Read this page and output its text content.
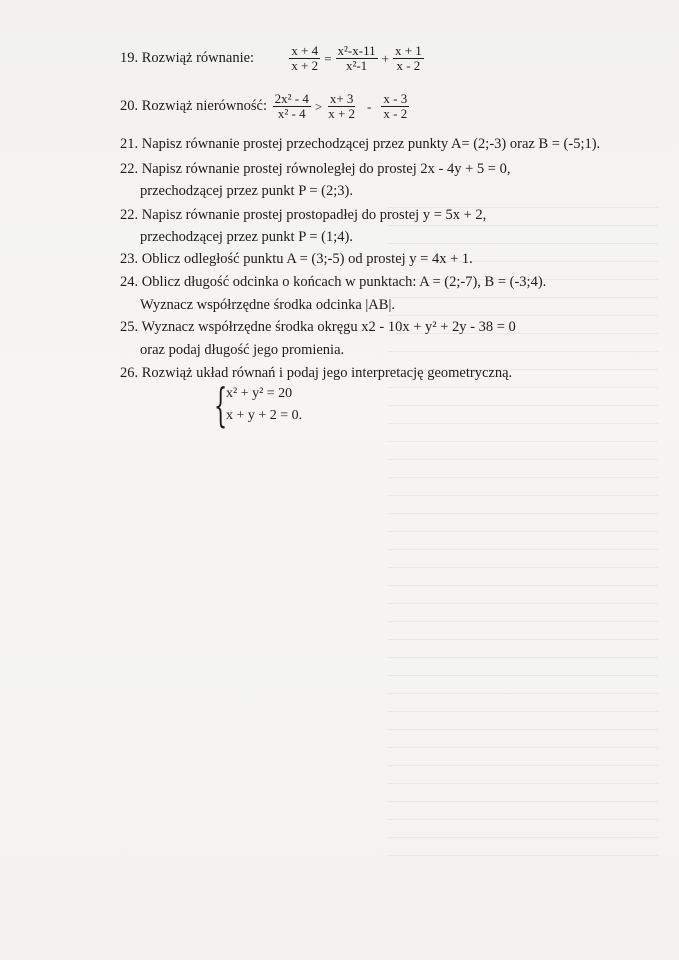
19. Rozwiąż równanie:	$\frac{x + 4}{x + 2} = \frac{\text{x²-x-11}}{\text{x²-1}} + \frac{x + 1}{x - 2}$
20. Rozwiąż nierówność: $\frac{\text{2x² - 4}}{\text{x² - 4}} > \frac{x+ 3}{x + 2} - \frac{x - 3}{x - 2}$
21. Napisz równanie prostej przechodzącej przez punkty A= (2;-3) oraz B = (-5;1).
22. Napisz równanie prostej równoległej do prostej 2x - 4y + 5 = 0,
przechodzącej przez punkt P = (2;3).
22. Napisz równanie prostej prostopadłej do prostej y = 5x + 2,
przechodzącej przez punkt P = (1;4).
23. Oblicz odległość punktu A = (3;-5) od prostej y = 4x + 1.
24. Oblicz długość odcinka o końcach w punktach: A = (2;-7), B = (-3;4).
Wyznacz współrzędne środka odcinka |AB|.
25. Wyznacz współrzędne środka okręgu x2 - 10x + y² + 2y - 38 = 0
oraz podaj długość jego promienia.
26. Rozwiąż układ równań i podaj jego interpretację geometryczną.
{
x² + y² = 20
x + y + 2 = 0.
